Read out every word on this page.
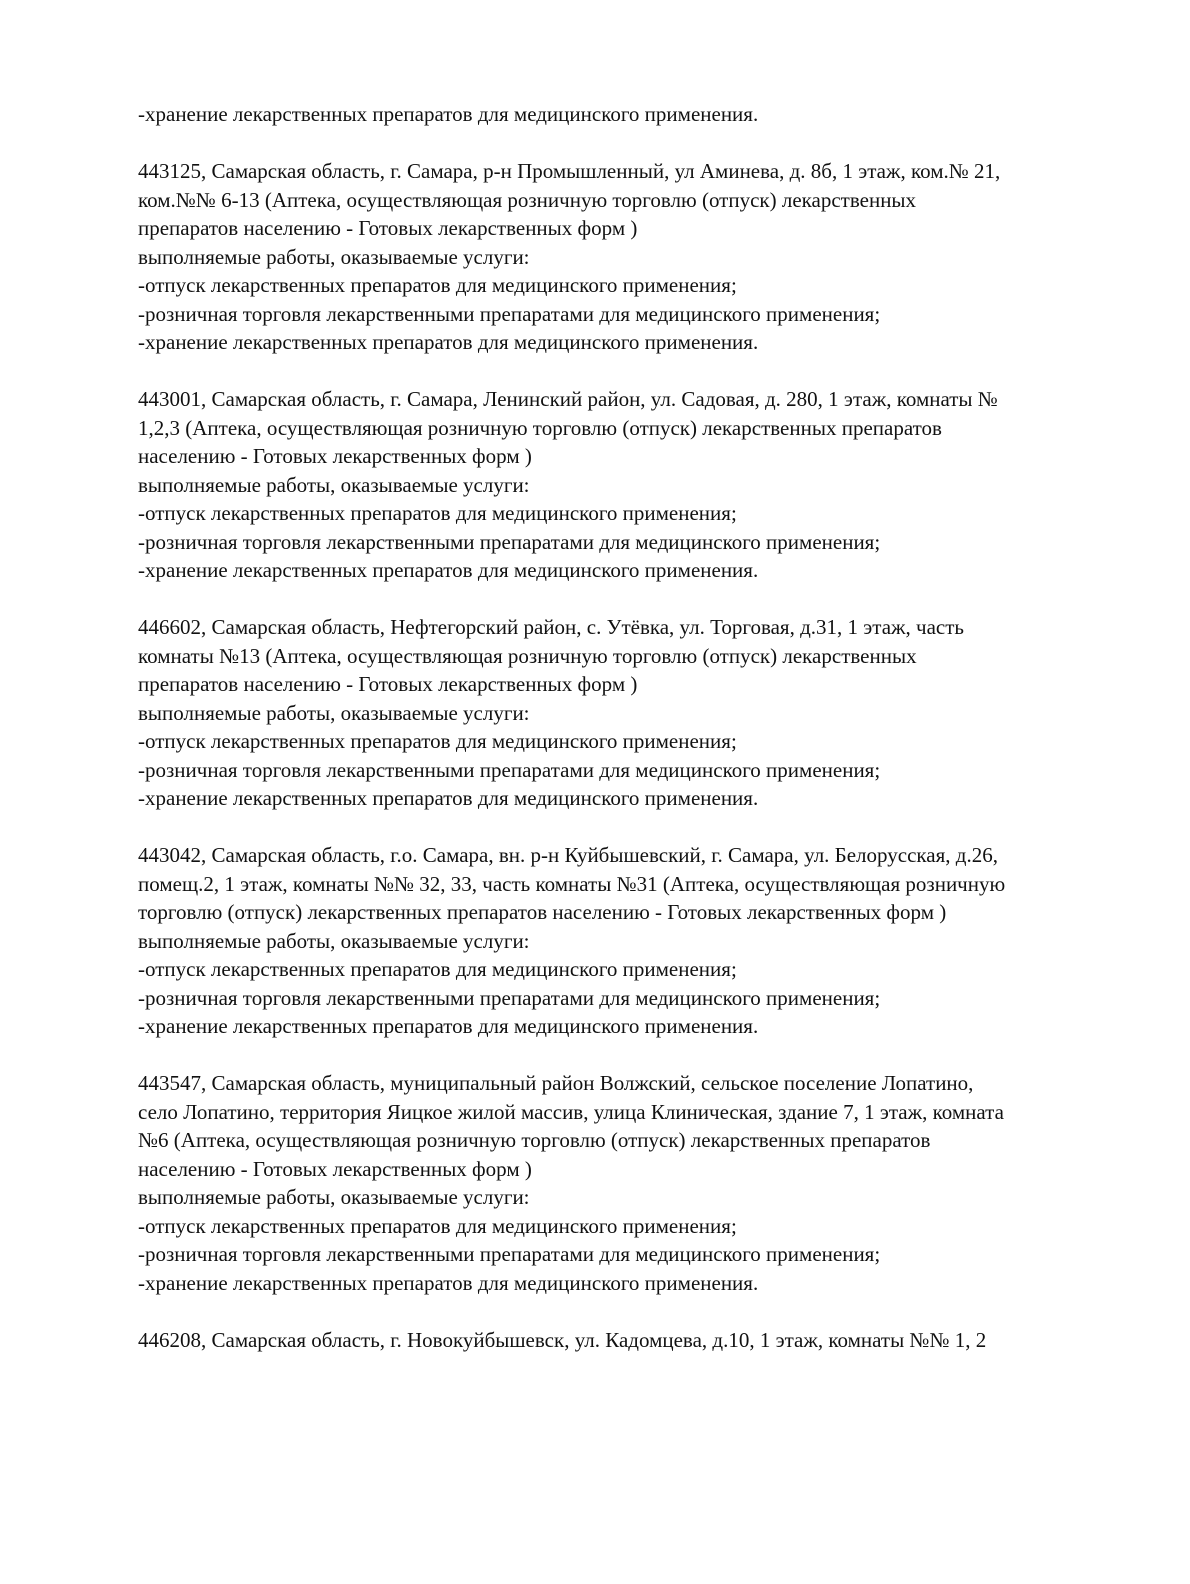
-хранение лекарственных препаратов для медицинского применения.
443125, Самарская область, г. Самара, р-н Промышленный, ул Аминева, д. 8б, 1 этаж, ком.№ 21,
ком.№№ 6-13 (Аптека, осуществляющая розничную торговлю (отпуск) лекарственных
препаратов населению - Готовых лекарственных форм )
выполняемые работы, оказываемые услуги:
-отпуск лекарственных препаратов для медицинского применения;
-розничная торговля лекарственными препаратами для медицинского применения;
-хранение лекарственных препаратов для медицинского применения.
443001, Самарская область, г. Самара, Ленинский район, ул. Садовая, д. 280, 1 этаж, комнаты №
1,2,3 (Аптека, осуществляющая розничную торговлю (отпуск) лекарственных препаратов
населению - Готовых лекарственных форм )
выполняемые работы, оказываемые услуги:
-отпуск лекарственных препаратов для медицинского применения;
-розничная торговля лекарственными препаратами для медицинского применения;
-хранение лекарственных препаратов для медицинского применения.
446602, Самарская область, Нефтегорский район, с. Утёвка, ул. Торговая, д.31, 1 этаж, часть
комнаты №13 (Аптека, осуществляющая розничную торговлю (отпуск) лекарственных
препаратов населению - Готовых лекарственных форм )
выполняемые работы, оказываемые услуги:
-отпуск лекарственных препаратов для медицинского применения;
-розничная торговля лекарственными препаратами для медицинского применения;
-хранение лекарственных препаратов для медицинского применения.
443042, Самарская область, г.о. Самара, вн. р-н Куйбышевский, г. Самара, ул. Белорусская, д.26,
помещ.2, 1 этаж, комнаты №№ 32, 33, часть комнаты №31 (Аптека, осуществляющая розничную
торговлю (отпуск) лекарственных препаратов населению - Готовых лекарственных форм )
выполняемые работы, оказываемые услуги:
-отпуск лекарственных препаратов для медицинского применения;
-розничная торговля лекарственными препаратами для медицинского применения;
-хранение лекарственных препаратов для медицинского применения.
443547, Самарская область, муниципальный район Волжский, сельское поселение Лопатино,
село Лопатино, территория Яицкое жилой массив, улица Клиническая, здание 7, 1 этаж, комната
№6 (Аптека, осуществляющая розничную торговлю (отпуск) лекарственных препаратов
населению - Готовых лекарственных форм )
выполняемые работы, оказываемые услуги:
-отпуск лекарственных препаратов для медицинского применения;
-розничная торговля лекарственными препаратами для медицинского применения;
-хранение лекарственных препаратов для медицинского применения.
446208, Самарская область, г. Новокуйбышевск, ул. Кадомцева, д.10, 1 этаж, комнаты №№ 1, 2
